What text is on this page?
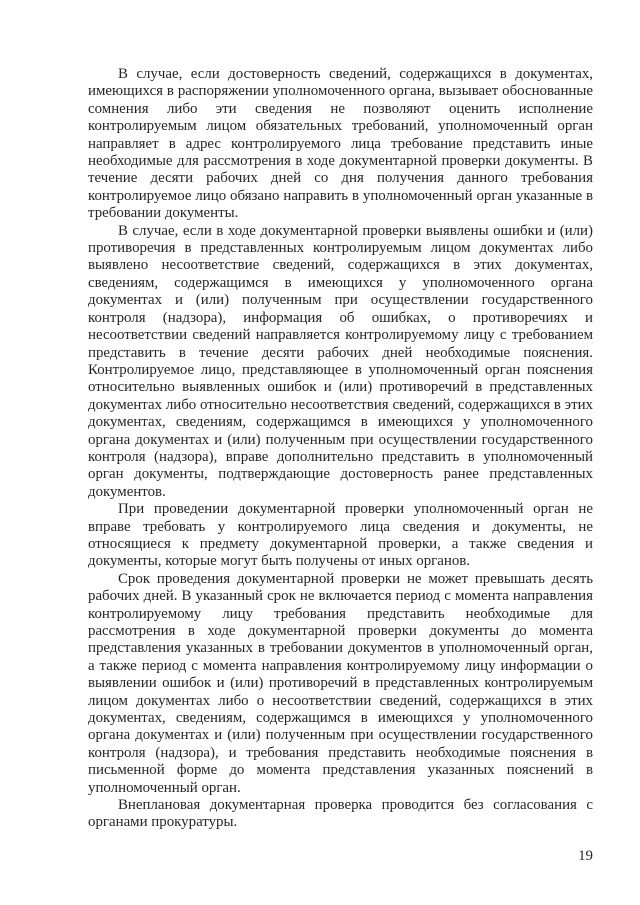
В случае, если достоверность сведений, содержащихся в документах, имеющихся в распоряжении уполномоченного органа, вызывает обоснованные сомнения либо эти сведения не позволяют оценить исполнение контролируемым лицом обязательных требований, уполномоченный орган направляет в адрес контролируемого лица требование представить иные необходимые для рассмотрения в ходе документарной проверки документы. В течение десяти рабочих дней со дня получения данного требования контролируемое лицо обязано направить в уполномоченный орган указанные в требовании документы.

В случае, если в ходе документарной проверки выявлены ошибки и (или) противоречия в представленных контролируемым лицом документах либо выявлено несоответствие сведений, содержащихся в этих документах, сведениям, содержащимся в имеющихся у уполномоченного органа документах и (или) полученным при осуществлении государственного контроля (надзора), информация об ошибках, о противоречиях и несоответствии сведений направляется контролируемому лицу с требованием представить в течение десяти рабочих дней необходимые пояснения. Контролируемое лицо, представляющее в уполномоченный орган пояснения относительно выявленных ошибок и (или) противоречий в представленных документах либо относительно несоответствия сведений, содержащихся в этих документах, сведениям, содержащимся в имеющихся у уполномоченного органа документах и (или) полученным при осуществлении государственного контроля (надзора), вправе дополнительно представить в уполномоченный орган документы, подтверждающие достоверность ранее представленных документов.

При проведении документарной проверки уполномоченный орган не вправе требовать у контролируемого лица сведения и документы, не относящиеся к предмету документарной проверки, а также сведения и документы, которые могут быть получены от иных органов.

Срок проведения документарной проверки не может превышать десять рабочих дней. В указанный срок не включается период с момента направления контролируемому лицу требования представить необходимые для рассмотрения в ходе документарной проверки документы до момента представления указанных в требовании документов в уполномоченный орган, а также период с момента направления контролируемому лицу информации о выявлении ошибок и (или) противоречий в представленных контролируемым лицом документах либо о несоответствии сведений, содержащихся в этих документах, сведениям, содержащимся в имеющихся у уполномоченного органа документах и (или) полученным при осуществлении государственного контроля (надзора), и требования представить необходимые пояснения в письменной форме до момента представления указанных пояснений в уполномоченный орган.

Внеплановая документарная проверка проводится без согласования с органами прокуратуры.

19
